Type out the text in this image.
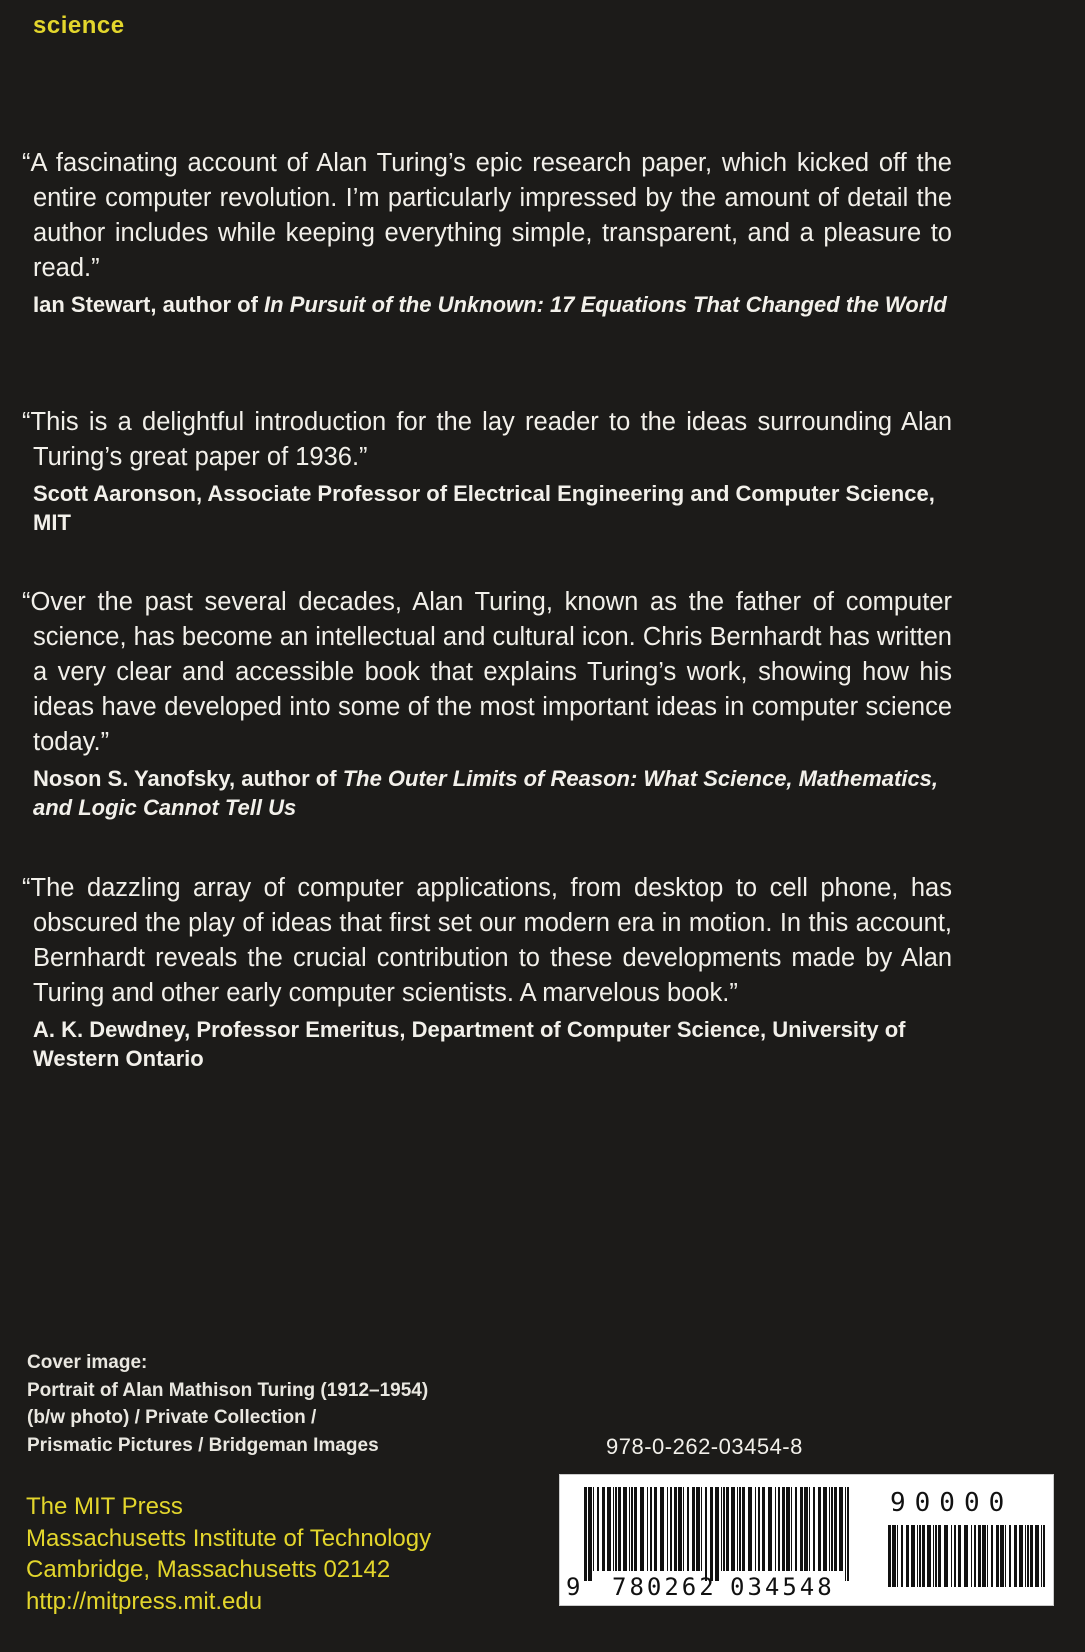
science
“A fascinating account of Alan Turing’s epic research paper, which kicked off the entire computer revolution. I’m particularly impressed by the amount of detail the author includes while keeping everything simple, transparent, and a pleasure to read.”
Ian Stewart, author of In Pursuit of the Unknown: 17 Equations That Changed the World
“This is a delightful introduction for the lay reader to the ideas surrounding Alan Turing’s great paper of 1936.”
Scott Aaronson, Associate Professor of Electrical Engineering and Computer Science, MIT
“Over the past several decades, Alan Turing, known as the father of computer science, has become an intellectual and cultural icon. Chris Bernhardt has written a very clear and accessible book that explains Turing’s work, showing how his ideas have developed into some of the most important ideas in computer science today.”
Noson S. Yanofsky, author of The Outer Limits of Reason: What Science, Mathematics, and Logic Cannot Tell Us
“The dazzling array of computer applications, from desktop to cell phone, has obscured the play of ideas that first set our modern era in motion. In this account, Bernhardt reveals the crucial contribution to these developments made by Alan Turing and other early computer scientists. A marvelous book.”
A. K. Dewdney, Professor Emeritus, Department of Computer Science, University of Western Ontario
Cover image:
Portrait of Alan Mathison Turing (1912–1954)
(b/w photo) / Private Collection /
Prismatic Pictures / Bridgeman Images
The MIT Press
Massachusetts Institute of Technology
Cambridge, Massachusetts 02142
http://mitpress.mit.edu
978-0-262-03454-8
9 780262 034548
90000
